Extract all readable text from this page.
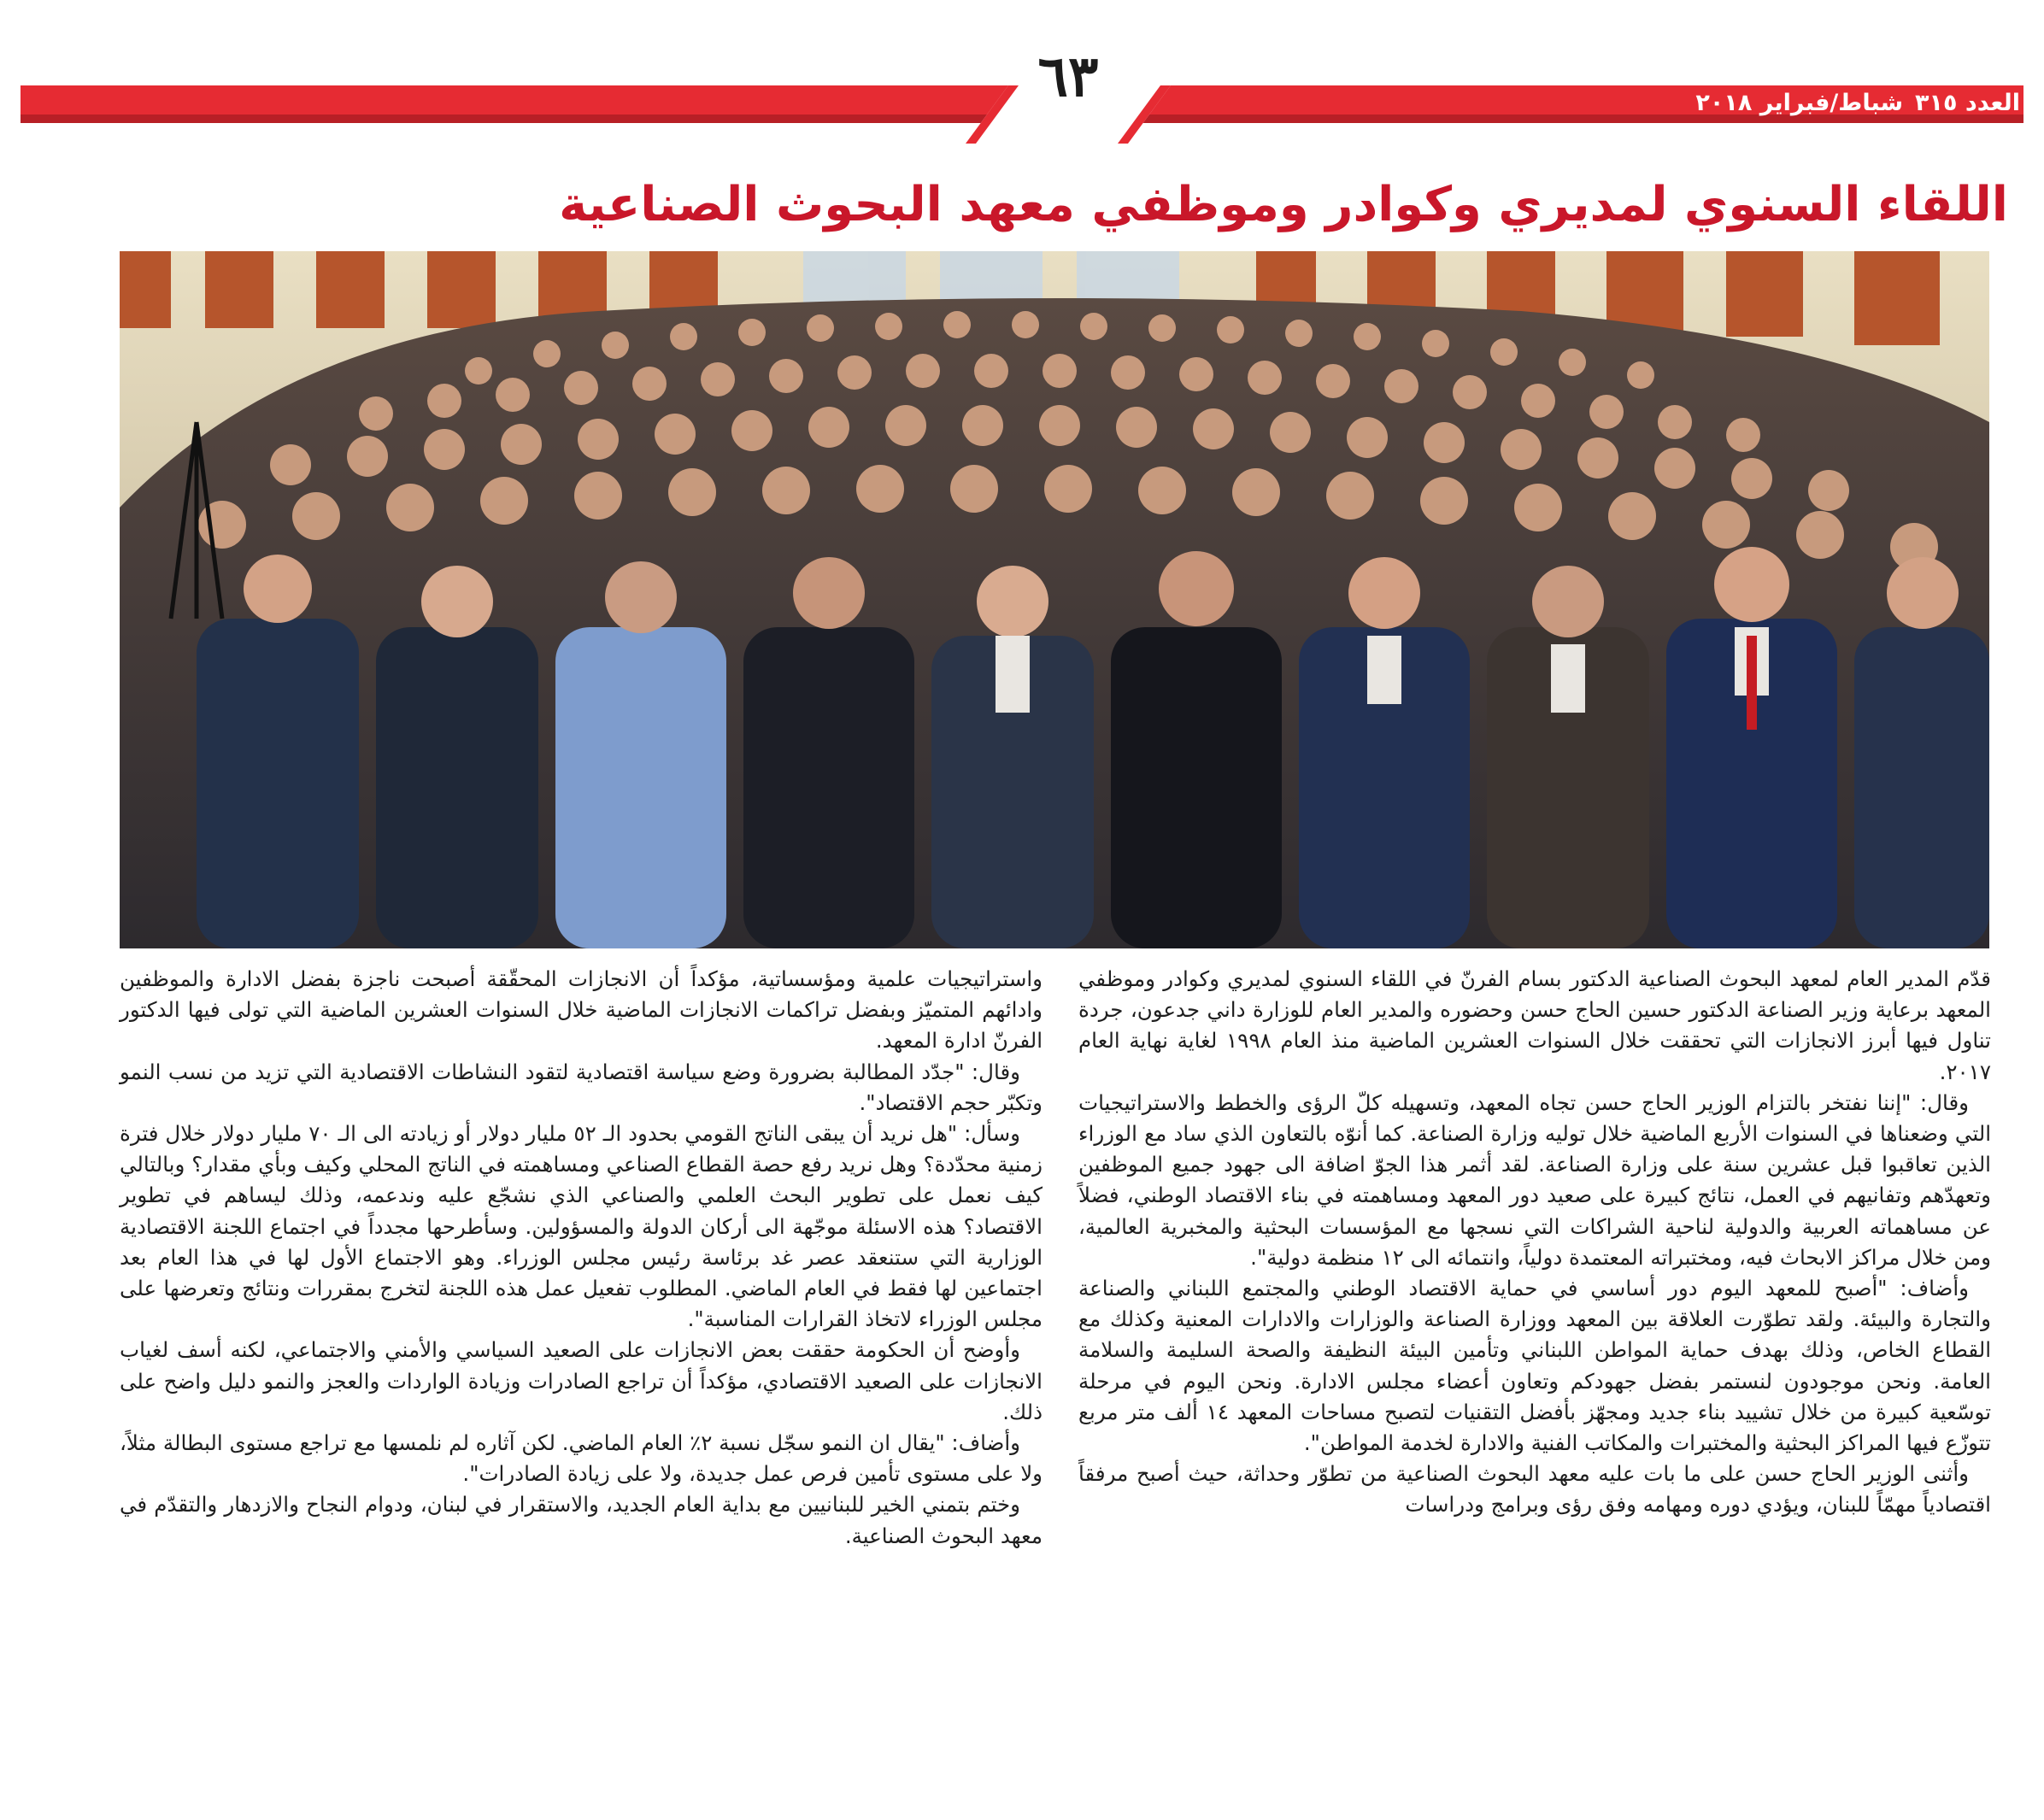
٦٣	العدد ٣١٥شباط/فبراير ٢٠١٨
اللقاء السنوي لمديري وكوادر وموظفي معهد البحوث الصناعية

قدّم المدير العام لمعهد البحوث الصناعية الدكتور بسام الفرنّ في اللقاء السنوي لمديري وكوادر وموظفي المعهد برعاية وزير الصناعة الدكتور حسين الحاج حسن وحضوره والمدير العام للوزارة داني جدعون، جردة تناول فيها أبرز الانجازات التي تحققت خلال السنوات العشرين الماضية منذ العام ١٩٩٨ لغاية نهاية العام ٢٠١٧.

وقال: "إننا نفتخر بالتزام الوزير الحاج حسن تجاه المعهد، وتسهيله كلّ الرؤى والخطط والاستراتيجيات التي وضعناها في السنوات الأربع الماضية خلال توليه وزارة الصناعة. كما أنوّه بالتعاون الذي ساد مع الوزراء الذين تعاقبوا قبل عشرين سنة على وزارة الصناعة. لقد أثمر هذا الجوّ اضافة الى جهود جميع الموظفين وتعهدّهم وتفانيهم في العمل، نتائج كبيرة على صعيد دور المعهد ومساهمته في بناء الاقتصاد الوطني، فضلاً عن مساهماته العربية والدولية لناحية الشراكات التي نسجها مع المؤسسات البحثية والمخبرية العالمية، ومن خلال مراكز الابحاث فيه، ومختبراته المعتمدة دولياً، وانتمائه الى ١٢ منظمة دولية".

وأضاف: "أصبح للمعهد اليوم دور أساسي في حماية الاقتصاد الوطني والمجتمع اللبناني والصناعة والتجارة والبيئة. ولقد تطوّرت العلاقة بين المعهد ووزارة الصناعة والوزارات والادارات المعنية وكذلك مع القطاع الخاص، وذلك بهدف حماية المواطن اللبناني وتأمين البيئة النظيفة والصحة السليمة والسلامة العامة. ونحن موجودون لنستمر بفضل جهودكم وتعاون أعضاء مجلس الادارة. ونحن اليوم في مرحلة توسّعية كبيرة من خلال تشييد بناء جديد ومجهّز بأفضل التقنيات لتصبح مساحات المعهد ١٤ ألف متر مربع تتوزّع فيها المراكز البحثية والمختبرات والمكاتب الفنية والادارة لخدمة المواطن".

وأثنى الوزير الحاج حسن على ما بات عليه معهد البحوث الصناعية من تطوّر وحداثة، حيث أصبح مرفقاً اقتصادياً مهمّاً للبنان، ويؤدي دوره ومهامه وفق رؤى وبرامج ودراسات

واستراتيجيات علمية ومؤسساتية، مؤكداً أن الانجازات المحقّقة أصبحت ناجزة بفضل الادارة والموظفين وادائهم المتميّز وبفضل تراكمات الانجازات الماضية خلال السنوات العشرين الماضية التي تولى فيها الدكتور الفرنّ ادارة المعهد.

وقال: "جدّد المطالبة بضرورة وضع سياسة اقتصادية لتقود النشاطات الاقتصادية التي تزيد من نسب النمو وتكبّر حجم الاقتصاد".

وسأل: "هل نريد أن يبقى الناتج القومي بحدود الـ ٥٢ مليار دولار أو زيادته الى الـ ٧٠ مليار دولار خلال فترة زمنية محدّدة؟ وهل نريد رفع حصة القطاع الصناعي ومساهمته في الناتج المحلي وكيف وبأي مقدار؟ وبالتالي كيف نعمل على تطوير البحث العلمي والصناعي الذي نشجّع عليه وندعمه، وذلك ليساهم في تطوير الاقتصاد؟ هذه الاسئلة موجّهة الى أركان الدولة والمسؤولين. وسأطرحها مجدداً في اجتماع اللجنة الاقتصادية الوزارية التي ستنعقد عصر غد برئاسة رئيس مجلس الوزراء. وهو الاجتماع الأول لها في هذا العام بعد اجتماعين لها فقط في العام الماضي. المطلوب تفعيل عمل هذه اللجنة لتخرج بمقررات ونتائج وتعرضها على مجلس الوزراء لاتخاذ القرارات المناسبة".

وأوضح أن الحكومة حققت بعض الانجازات على الصعيد السياسي والأمني والاجتماعي، لكنه أسف لغياب الانجازات على الصعيد الاقتصادي، مؤكداً أن تراجع الصادرات وزيادة الواردات والعجز والنمو دليل واضح على ذلك.

وأضاف: "يقال ان النمو سجّل نسبة ٢٪ العام الماضي. لكن آثاره لم نلمسها مع تراجع مستوى البطالة مثلاً، ولا على مستوى تأمين فرص عمل جديدة، ولا على زيادة الصادرات".

وختم بتمني الخير للبنانيين مع بداية العام الجديد، والاستقرار في لبنان، ودوام النجاح والازدهار والتقدّم في معهد البحوث الصناعية.
